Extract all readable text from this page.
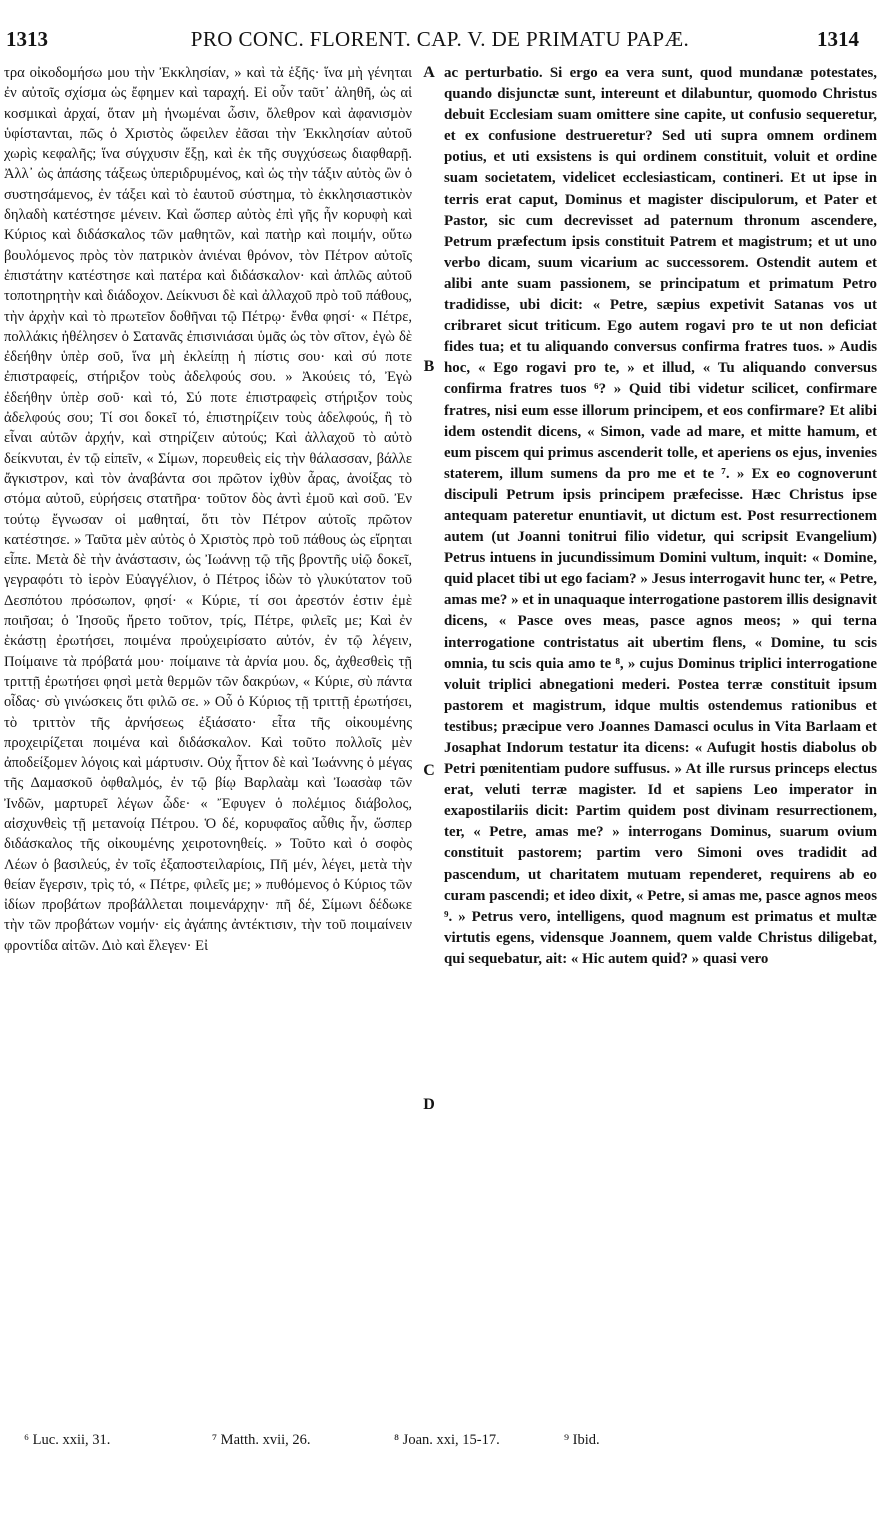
1313	PRO CONC. FLORENT. CAP. V. DE PRIMATU PAPÆ.	1314

τρα οἰκοδομήσω μου τὴν Ἐκκλησίαν, » καὶ τὰ ἑξῆς· ἵνα μὴ γένηται ἐν αὐτοῖς σχίσμα ὡς ἔφημεν καὶ ταραχή. Εἰ οὖν ταῦτ᾽ ἀληθῆ, ὡς αἱ κοσμικαὶ ἀρχαί, ὅταν μὴ ἡνωμέναι ὦσιν, ὄλεθρον καὶ ἀφανισμὸν ὑφίστανται, πῶς ὁ Χριστὸς ὤφειλεν ἐᾶσαι τὴν Ἐκκλησίαν αὐτοῦ χωρὶς κεφαλῆς; ἵνα σύγχυσιν ἕξῃ, καὶ ἐκ τῆς συγχύσεως διαφθαρῇ. Ἀλλ᾽ ὡς ἁπάσης τάξεως ὑπεριδρυμένος, καὶ ὡς τὴν τάξιν αὐτὸς ὢν ὁ συστησάμενος, ἐν τάξει καὶ τὸ ἑαυτοῦ σύστημα, τὸ ἐκκλησιαστικὸν δηλαδὴ κατέστησε μένειν. Καὶ ὥσπερ αὐτὸς ἐπὶ γῆς ἦν κορυφὴ καὶ Κύριος καὶ διδάσκαλος τῶν μαθητῶν, καὶ πατὴρ καὶ ποιμήν, οὕτω βουλόμενος πρὸς τὸν πατρικὸν ἀνιέναι θρόνον, τὸν Πέτρον αὐτοῖς ἐπιστάτην κατέστησε καὶ πατέρα καὶ διδάσκαλον· καὶ ἁπλῶς αὐτοῦ τοποτηρητὴν καὶ διάδοχον. Δείκνυσι δὲ καὶ ἀλλαχοῦ πρὸ τοῦ πάθους, τὴν ἀρχὴν καὶ τὸ πρωτεῖον δοθῆναι τῷ Πέτρῳ· ἔνθα φησί· « Πέτρε, πολλάκις ἠθέλησεν ὁ Σατανᾶς ἐπισινιάσαι ὑμᾶς ὡς τὸν σῖτον, ἐγὼ δὲ ἐδεήθην ὑπὲρ σοῦ, ἵνα μὴ ἐκλείπῃ ἡ πίστις σου· καὶ σύ ποτε ἐπιστραφείς, στήριξον τοὺς ἀδελφούς σου. » Ἀκούεις τό, Ἐγὼ ἐδεήθην ὑπὲρ σοῦ· καὶ τό, Σύ ποτε ἐπιστραφεὶς στήριξον τοὺς ἀδελφούς σου; Τί σοι δοκεῖ τό, ἐπιστηρίζειν τοὺς ἀδελφούς, ἢ τὸ εἶναι αὐτῶν ἀρχήν, καὶ στηρίζειν αὐτούς; Καὶ ἀλλαχοῦ τὸ αὐτὸ δείκνυται, ἐν τῷ εἰπεῖν, « Σίμων, πορευθεὶς εἰς τὴν θάλασσαν, βάλλε ἄγκιστρον, καὶ τὸν ἀναβάντα σοι πρῶτον ἰχθὺν ἆρας, ἀνοίξας τὸ στόμα αὐτοῦ, εὑρήσεις στατῆρα· τοῦτον δὸς ἀντὶ ἐμοῦ καὶ σοῦ. Ἐν τούτῳ ἔγνωσαν οἱ μαθηταί, ὅτι τὸν Πέτρον αὐτοῖς πρῶτον κατέστησε. » Ταῦτα μὲν αὐτὸς ὁ Χριστὸς πρὸ τοῦ πάθους ὡς εἴρηται εἶπε. Μετὰ δὲ τὴν ἀνάστασιν, ὡς Ἰωάννῃ τῷ τῆς βροντῆς υἱῷ δοκεῖ, γεγραφότι τὸ ἱερὸν Εὐαγγέλιον, ὁ Πέτρος ἰδὼν τὸ γλυκύτατον τοῦ Δεσπότου πρόσωπον, φησί· « Κύριε, τί σοι ἀρεστόν ἐστιν ἐμὲ ποιῆσαι; ὁ Ἰησοῦς ἤρετο τοῦτον, τρίς, Πέτρε, φιλεῖς με; Καὶ ἐν ἑκάστῃ ἐρωτήσει, ποιμένα προὐχειρίσατο αὐτόν, ἐν τῷ λέγειν, Ποίμαινε τὰ πρόβατά μου· ποίμαινε τὰ ἀρνία μου. δς, ἀχθεσθεὶς τῇ τριττῇ ἐρωτήσει φησὶ μετὰ θερμῶν τῶν δακρύων, « Κύριε, σὺ πάντα οἶδας· σὺ γινώσκεις ὅτι φιλῶ σε. » Οὗ ὁ Κύριος τῇ τριττῇ ἐρωτήσει, τὸ τριττὸν τῆς ἀρνήσεως ἐξιάσατο· εἶτα τῆς οἰκουμένης προχειρίζεται ποιμένα καὶ διδάσκαλον. Καὶ τοῦτο πολλοῖς μὲν ἀποδείξομεν λόγοις καὶ μάρτυσιν. Οὐχ ἧττον δὲ καὶ Ἰωάννης ὁ μέγας τῆς Δαμασκοῦ ὀφθαλμός, ἐν τῷ βίῳ Βαρλαὰμ καὶ Ἰωασὰφ τῶν Ἰνδῶν, μαρτυρεῖ λέγων ὧδε· « Ἔφυγεν ὁ πολέμιος διάβολος, αἰσχυνθεὶς τῇ μετανοίᾳ Πέτρου. Ὁ δέ, κορυφαῖος αὖθις ἦν, ὥσπερ διδάσκαλος τῆς οἰκουμένης χειροτονηθείς. » Τοῦτο καὶ ὁ σοφὸς Λέων ὁ βασιλεύς, ἐν τοῖς ἐξαποστειλαρίοις, Πῆ μέν, λέγει, μετὰ τὴν θείαν ἔγερσιν, τρὶς τό, « Πέτρε, φιλεῖς με; » πυθόμενος ὁ Κύριος τῶν ἰδίων προβάτων προβάλλεται ποιμενάρχην· πῆ δέ, Σίμωνι δέδωκε τὴν τῶν προβάτων νομήν· εἰς ἀγάπης ἀντέκτισιν, τὴν τοῦ ποιμαίνειν φροντίδα αἰτῶν. Διὸ καὶ ἔλεγεν· Εἰ

A
B
C
D

ac perturbatio. Si ergo ea vera sunt, quod mundanæ potestates, quando disjunctæ sunt, intereunt et dilabuntur, quomodo Christus debuit Ecclesiam suam omittere sine capite, ut confusio sequeretur, et ex confusione destrueretur? Sed uti supra omnem ordinem potius, et uti exsistens is qui ordinem constituit, voluit et ordine suam societatem, videlicet ecclesiasticam, contineri. Et ut ipse in terris erat caput, Dominus et magister discipulorum, et Pater et Pastor, sic cum decrevisset ad paternum thronum ascendere, Petrum præfectum ipsis constituit Patrem et magistrum; et ut uno verbo dicam, suum vicarium ac successorem. Ostendit autem et alibi ante suam passionem, se principatum et primatum Petro tradidisse, ubi dicit: « Petre, sæpius expetivit Satanas vos ut cribraret sicut triticum. Ego autem rogavi pro te ut non deficiat fides tua; et tu aliquando conversus confirma fratres tuos. » Audis hoc, « Ego rogavi pro te, » et illud, « Tu aliquando conversus confirma fratres tuos ⁶? » Quid tibi videtur scilicet, confirmare fratres, nisi eum esse illorum principem, et eos confirmare? Et alibi idem ostendit dicens, « Simon, vade ad mare, et mitte hamum, et eum piscem qui primus ascenderit tolle, et aperiens os ejus, invenies staterem, illum sumens da pro me et te ⁷. » Ex eo cognoverunt discipuli Petrum ipsis principem præfecisse. Hæc Christus ipse antequam pateretur enuntiavit, ut dictum est. Post resurrectionem autem (ut Joanni tonitrui filio videtur, qui scripsit Evangelium) Petrus intuens in jucundissimum Domini vultum, inquit: « Domine, quid placet tibi ut ego faciam? » Jesus interrogavit hunc ter, « Petre, amas me? » et in unaquaque interrogatione pastorem illis designavit dicens, « Pasce oves meas, pasce agnos meos; » qui terna interrogatione contristatus ait ubertim flens, « Domine, tu scis omnia, tu scis quia amo te ⁸, » cujus Dominus triplici interrogatione voluit triplici abnegationi mederi. Postea terræ constituit ipsum pastorem et magistrum, idque multis ostendemus rationibus et testibus; præcipue vero Joannes Damasci oculus in Vita Barlaam et Josaphat Indorum testatur ita dicens: « Aufugit hostis diabolus ob Petri pœnitentiam pudore suffusus. » At ille rursus princeps electus erat, veluti terræ magister. Id et sapiens Leo imperator in exapostilariis dicit: Partim quidem post divinam resurrectionem, ter, « Petre, amas me? » interrogans Dominus, suarum ovium constituit pastorem; partim vero Simoni oves tradidit ad pascendum, ut charitatem mutuam rependeret, requirens ab eo curam pascendi; et ideo dixit, « Petre, si amas me, pasce agnos meos ⁹. » Petrus vero, intelligens, quod magnum est primatus et multæ virtutis egens, vidensque Joannem, quem valde Christus diligebat, qui sequebatur, ait: « Hic autem quid? » quasi vero

⁶ Luc. xxii, 31.	⁷ Matth. xvii, 26.	⁸ Joan. xxi, 15-17.	⁹ Ibid.
